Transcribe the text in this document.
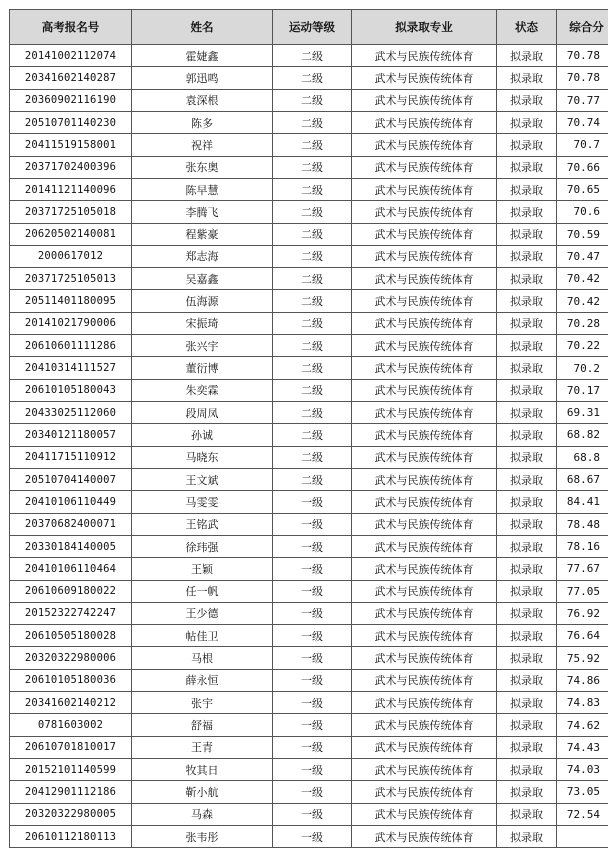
高考报名号	姓名	运动等级	拟录取专业	状态	综合分
20141002112074	霍婕鑫	二级	武术与民族传统体育	拟录取	70.78
20341602140287	郭迅鸣	二级	武术与民族传统体育	拟录取	70.78
20360902116190	袁深根	二级	武术与民族传统体育	拟录取	70.77
20510701140230	陈多	二级	武术与民族传统体育	拟录取	70.74
20411519158001	祝祥	二级	武术与民族传统体育	拟录取	70.7
20371702400396	张东奥	二级	武术与民族传统体育	拟录取	70.66
20141121140096	陈早慧	二级	武术与民族传统体育	拟录取	70.65
20371725105018	李腾飞	二级	武术与民族传统体育	拟录取	70.6
20620502140081	程紫豪	二级	武术与民族传统体育	拟录取	70.59
2000617012	郑志海	二级	武术与民族传统体育	拟录取	70.47
20371725105013	吴嘉鑫	二级	武术与民族传统体育	拟录取	70.42
20511401180095	伍海源	二级	武术与民族传统体育	拟录取	70.42
20141021790006	宋振琦	二级	武术与民族传统体育	拟录取	70.28
20610601111286	张兴宇	二级	武术与民族传统体育	拟录取	70.22
20410314111527	董衍博	二级	武术与民族传统体育	拟录取	70.2
20610105180043	朱奕霖	二级	武术与民族传统体育	拟录取	70.17
20433025112060	段周凤	二级	武术与民族传统体育	拟录取	69.31
20340121180057	孙诚	二级	武术与民族传统体育	拟录取	68.82
20411715110912	马晓东	二级	武术与民族传统体育	拟录取	68.8
20510704140007	王文斌	二级	武术与民族传统体育	拟录取	68.67
20410106110449	马雯雯	一级	武术与民族传统体育	拟录取	84.41
20370682400071	王铭武	一级	武术与民族传统体育	拟录取	78.48
20330184140005	徐玮强	一级	武术与民族传统体育	拟录取	78.16
20410106110464	王颖	一级	武术与民族传统体育	拟录取	77.67
20610609180022	任一帆	一级	武术与民族传统体育	拟录取	77.05
20152322742247	王少德	一级	武术与民族传统体育	拟录取	76.92
20610505180028	帖佳卫	一级	武术与民族传统体育	拟录取	76.64
20320322980006	马根	一级	武术与民族传统体育	拟录取	75.92
20610105180036	薛永恒	一级	武术与民族传统体育	拟录取	74.86
20341602140212	张宇	一级	武术与民族传统体育	拟录取	74.83
0781603002	舒福	一级	武术与民族传统体育	拟录取	74.62
20610701810017	王青	一级	武术与民族传统体育	拟录取	74.43
20152101140599	牧其日	一级	武术与民族传统体育	拟录取	74.03
20412901112186	靳小航	一级	武术与民族传统体育	拟录取	73.05
20320322980005	马森	一级	武术与民族传统体育	拟录取	72.54
20610112180113	张韦彤	一级	武术与民族传统体育	拟录取	
